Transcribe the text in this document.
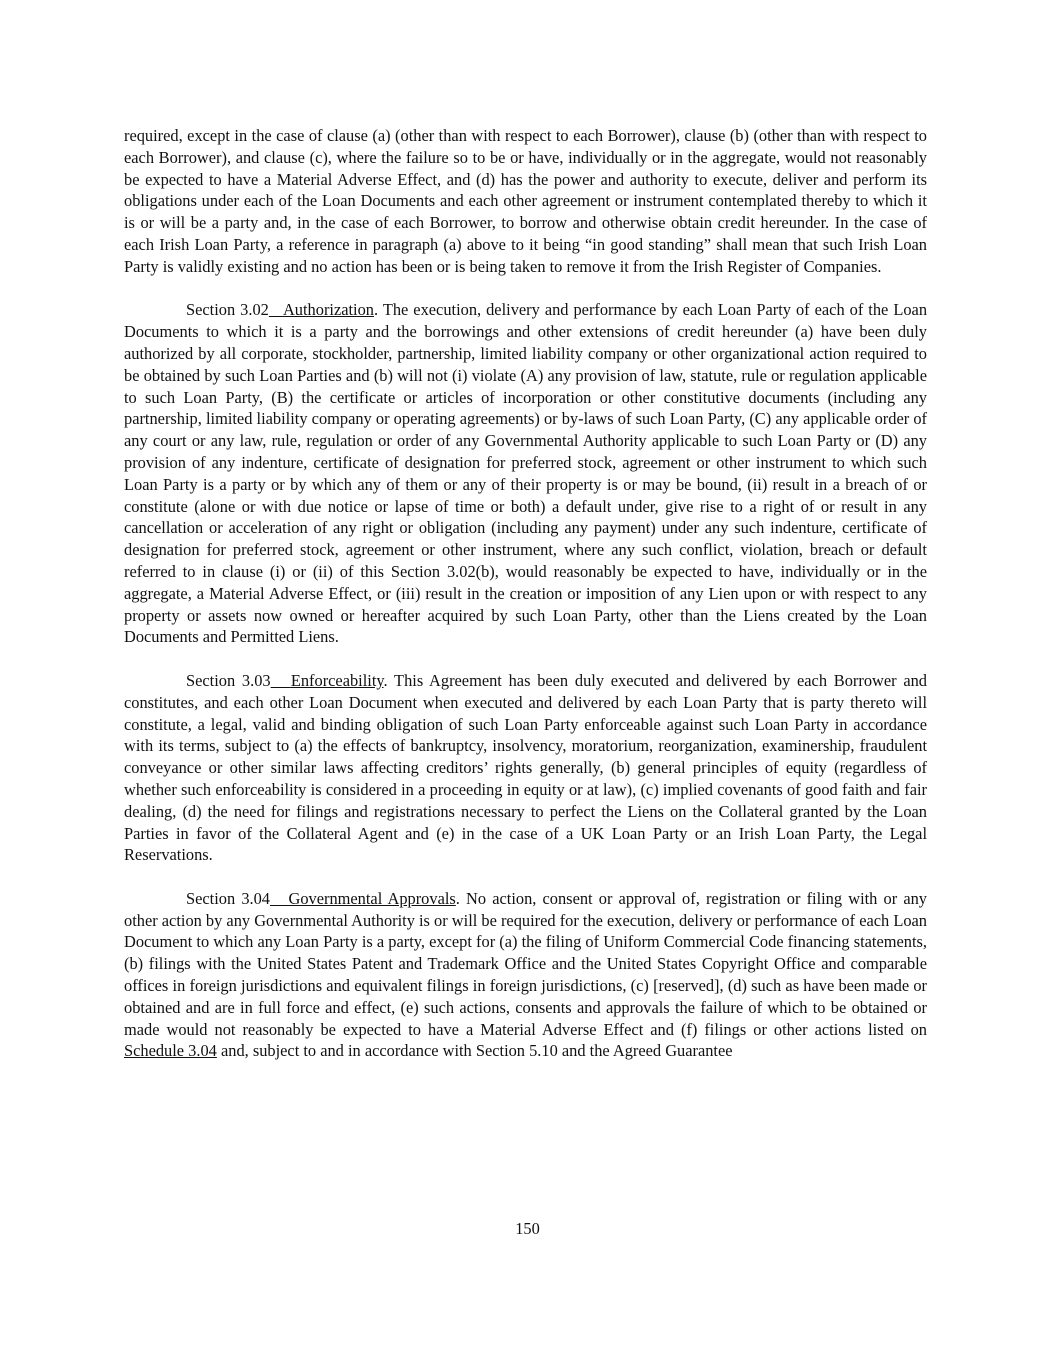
required, except in the case of clause (a) (other than with respect to each Borrower), clause (b) (other than with respect to each Borrower), and clause (c), where the failure so to be or have, individually or in the aggregate, would not reasonably be expected to have a Material Adverse Effect, and (d) has the power and authority to execute, deliver and perform its obligations under each of the Loan Documents and each other agreement or instrument contemplated thereby to which it is or will be a party and, in the case of each Borrower, to borrow and otherwise obtain credit hereunder. In the case of each Irish Loan Party, a reference in paragraph (a) above to it being “in good standing” shall mean that such Irish Loan Party is validly existing and no action has been or is being taken to remove it from the Irish Register of Companies.

Section 3.02 Authorization. The execution, delivery and performance by each Loan Party of each of the Loan Documents to which it is a party and the borrowings and other extensions of credit hereunder (a) have been duly authorized by all corporate, stockholder, partnership, limited liability company or other organizational action required to be obtained by such Loan Parties and (b) will not (i) violate (A) any provision of law, statute, rule or regulation applicable to such Loan Party, (B) the certificate or articles of incorporation or other constitutive documents (including any partnership, limited liability company or operating agreements) or by-laws of such Loan Party, (C) any applicable order of any court or any law, rule, regulation or order of any Governmental Authority applicable to such Loan Party or (D) any provision of any indenture, certificate of designation for preferred stock, agreement or other instrument to which such Loan Party is a party or by which any of them or any of their property is or may be bound, (ii) result in a breach of or constitute (alone or with due notice or lapse of time or both) a default under, give rise to a right of or result in any cancellation or acceleration of any right or obligation (including any payment) under any such indenture, certificate of designation for preferred stock, agreement or other instrument, where any such conflict, violation, breach or default referred to in clause (i) or (ii) of this Section 3.02(b), would reasonably be expected to have, individually or in the aggregate, a Material Adverse Effect, or (iii) result in the creation or imposition of any Lien upon or with respect to any property or assets now owned or hereafter acquired by such Loan Party, other than the Liens created by the Loan Documents and Permitted Liens.

Section 3.03 Enforceability. This Agreement has been duly executed and delivered by each Borrower and constitutes, and each other Loan Document when executed and delivered by each Loan Party that is party thereto will constitute, a legal, valid and binding obligation of such Loan Party enforceable against such Loan Party in accordance with its terms, subject to (a) the effects of bankruptcy, insolvency, moratorium, reorganization, examinership, fraudulent conveyance or other similar laws affecting creditors’ rights generally, (b) general principles of equity (regardless of whether such enforceability is considered in a proceeding in equity or at law), (c) implied covenants of good faith and fair dealing, (d) the need for filings and registrations necessary to perfect the Liens on the Collateral granted by the Loan Parties in favor of the Collateral Agent and (e) in the case of a UK Loan Party or an Irish Loan Party, the Legal Reservations.

Section 3.04 Governmental Approvals. No action, consent or approval of, registration or filing with or any other action by any Governmental Authority is or will be required for the execution, delivery or performance of each Loan Document to which any Loan Party is a party, except for (a) the filing of Uniform Commercial Code financing statements, (b) filings with the United States Patent and Trademark Office and the United States Copyright Office and comparable offices in foreign jurisdictions and equivalent filings in foreign jurisdictions, (c) [reserved], (d) such as have been made or obtained and are in full force and effect, (e) such actions, consents and approvals the failure of which to be obtained or made would not reasonably be expected to have a Material Adverse Effect and (f) filings or other actions listed on Schedule 3.04 and, subject to and in accordance with Section 5.10 and the Agreed Guarantee

150
